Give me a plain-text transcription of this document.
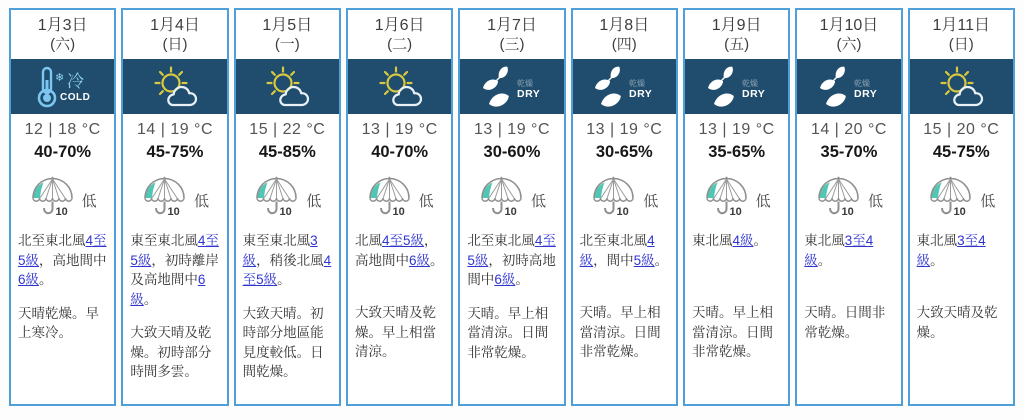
1月3日
(六)
❄ 冷
COLD
12 | 18 °C
40-70%
10
低

北至東北風4至5級，高地間中6級。

天晴乾燥。早上寒冷。

1月4日
(日)
14 | 19 °C
45-75%
10
低

東至東北風4至5級，初時離岸及高地間中6級。

大致天晴及乾燥。初時部分時間多雲。

1月5日
(一)
15 | 22 °C
45-85%
10
低

東至東北風3級，稍後北風4至5級。

大致天晴。初時部分地區能見度較低。日間乾燥。

1月6日
(二)
13 | 19 °C
40-70%
10
低

北風4至5級，高地間中6級。

大致天晴及乾燥。早上相當清涼。

1月7日
(三)
乾燥
DRY
13 | 19 °C
30-60%
10
低

北至東北風4至5級，初時高地間中6級。

天晴。早上相當清涼。日間非常乾燥。

1月8日
(四)
乾燥
DRY
13 | 19 °C
30-65%
10
低

北至東北風4級，間中5級。

天晴。早上相當清涼。日間非常乾燥。

1月9日
(五)
乾燥
DRY
13 | 19 °C
35-65%
10
低

東北風4級。

天晴。早上相當清涼。日間非常乾燥。

1月10日
(六)
乾燥
DRY
14 | 20 °C
35-70%
10
低

東北風3至4級。

天晴。日間非常乾燥。

1月11日
(日)
15 | 20 °C
45-75%
10
低

東北風3至4級。

大致天晴及乾燥。
